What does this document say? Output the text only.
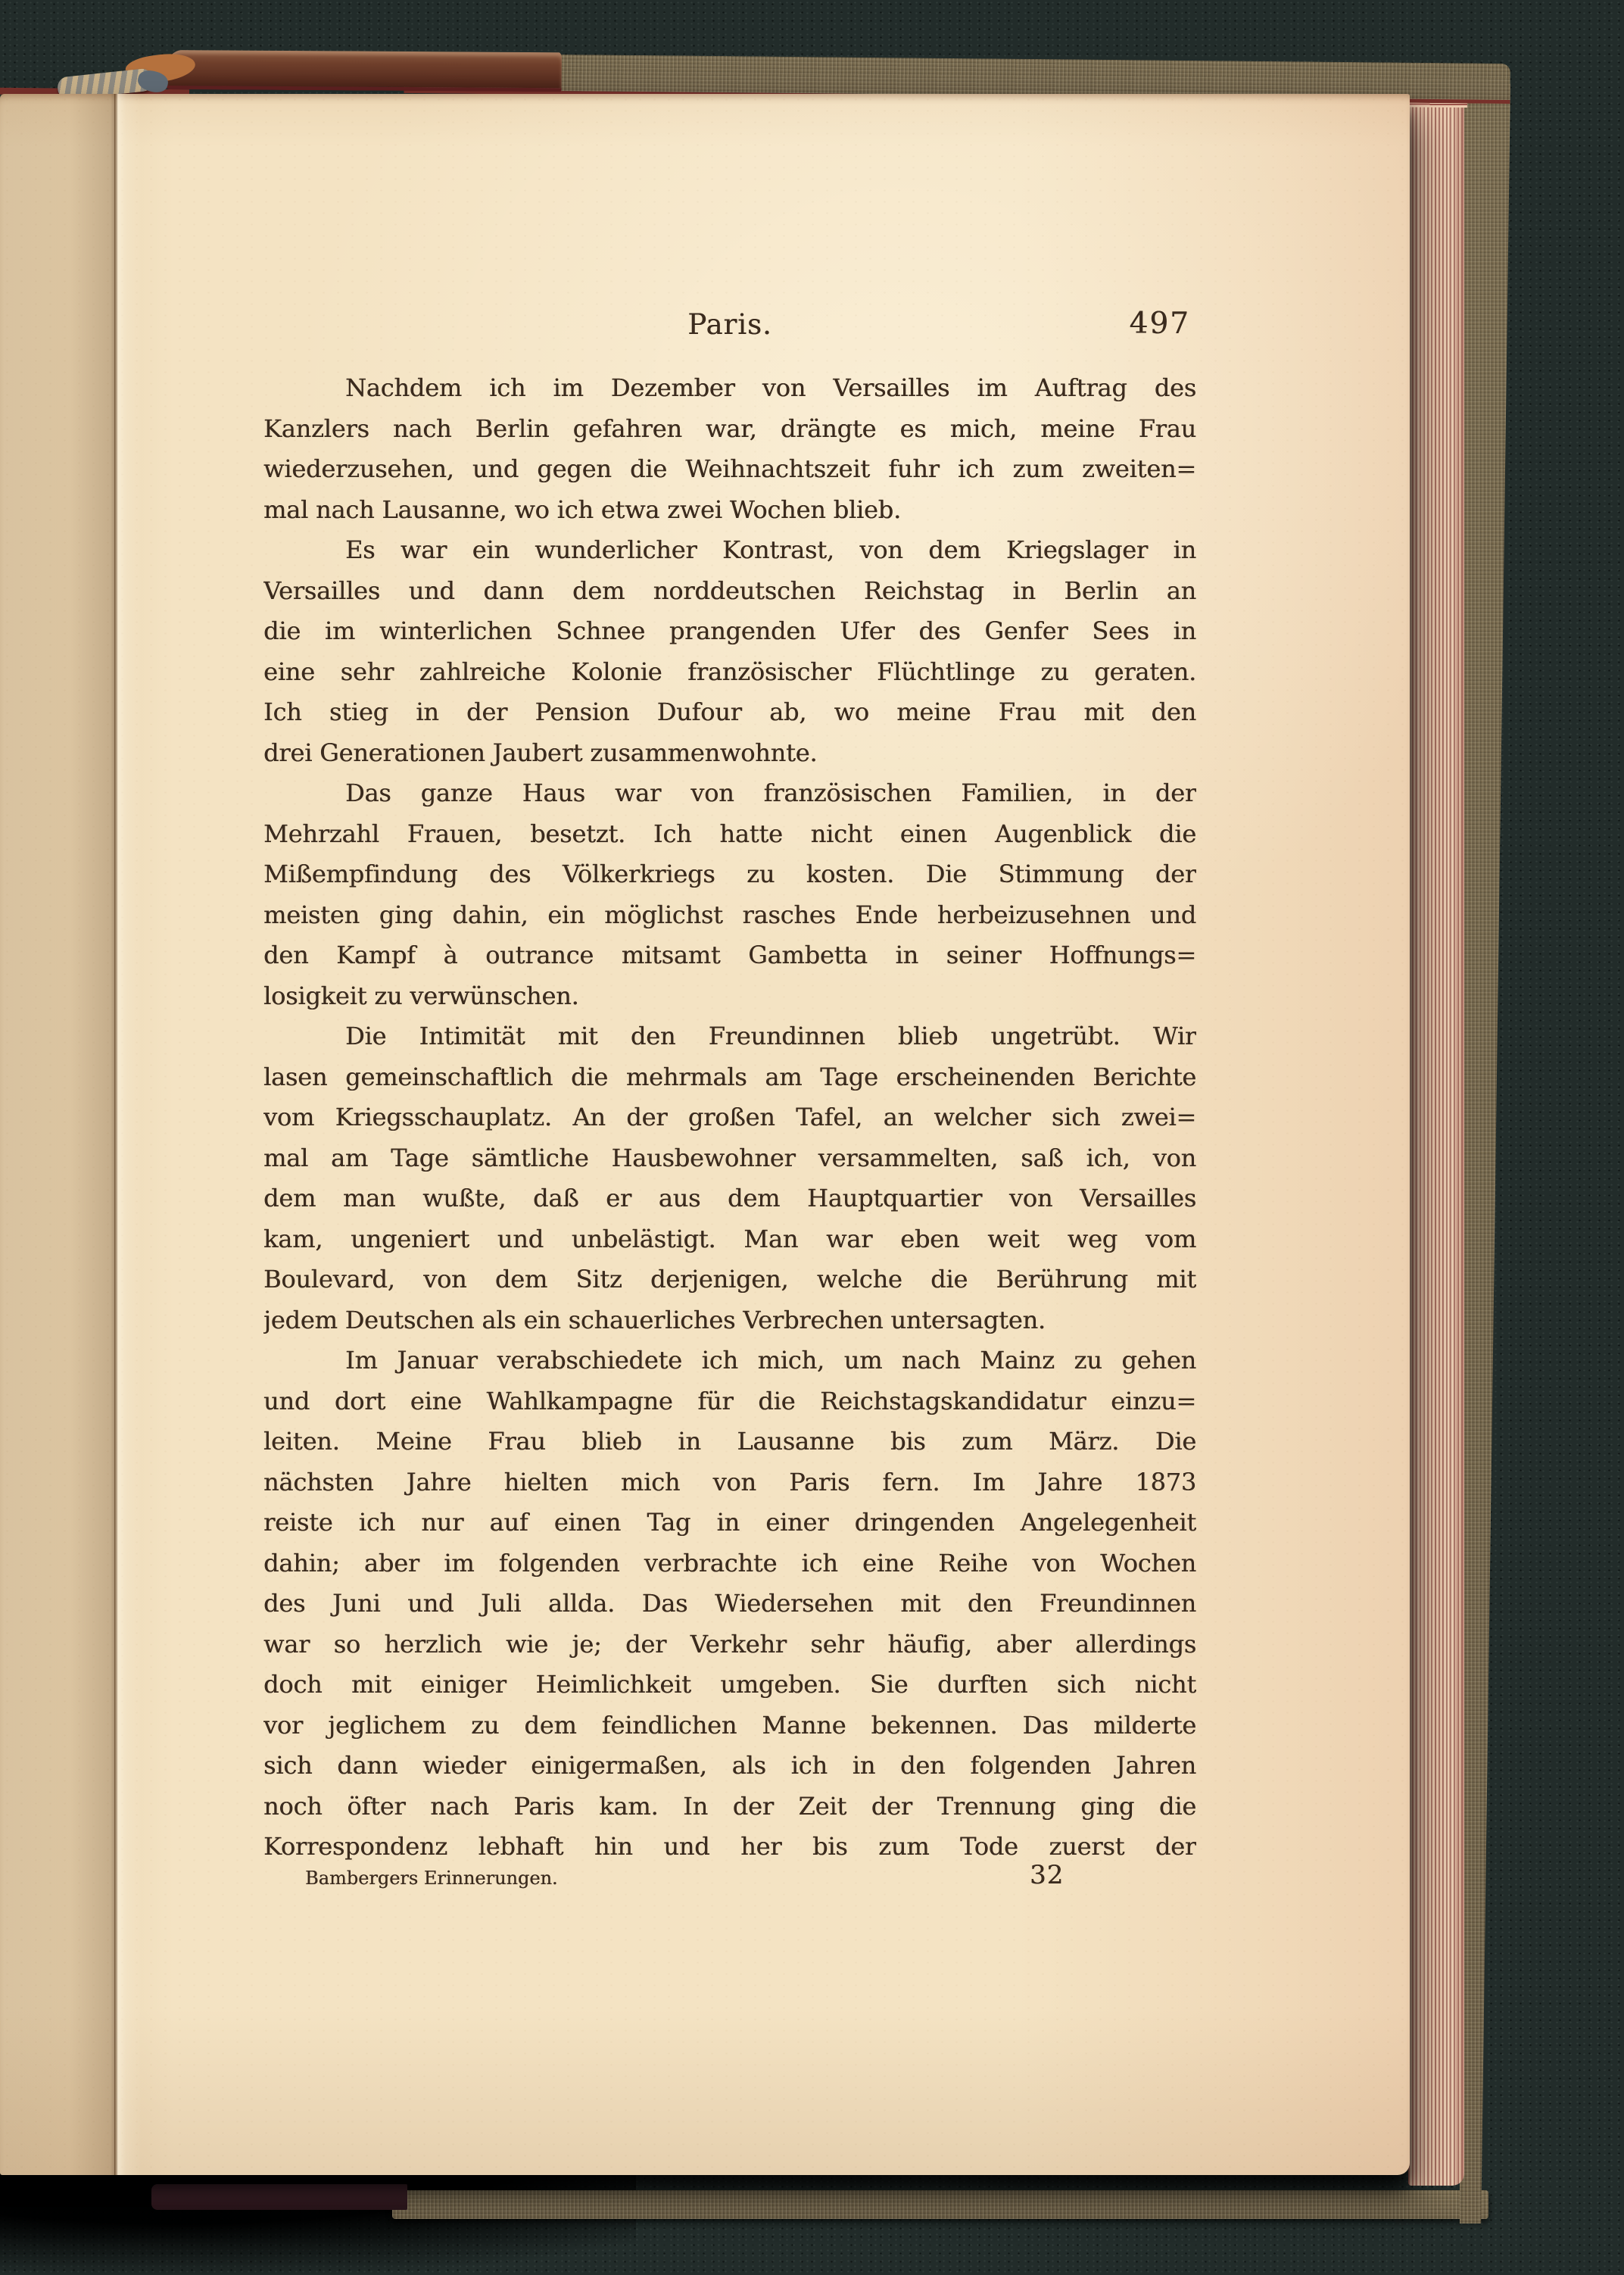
Paris.	497
Nachdem ich im Dezember von Versailles im Auftrag des
Kanzlers nach Berlin gefahren war, drängte es mich, meine Frau
wiederzusehen, und gegen die Weihnachtszeit fuhr ich zum zweiten=
mal nach Lausanne, wo ich etwa zwei Wochen blieb.
Es war ein wunderlicher Kontrast, von dem Kriegslager in
Versailles und dann dem norddeutschen Reichstag in Berlin an
die im winterlichen Schnee prangenden Ufer des Genfer Sees in
eine sehr zahlreiche Kolonie französischer Flüchtlinge zu geraten.
Ich stieg in der Pension Dufour ab, wo meine Frau mit den
drei Generationen Jaubert zusammenwohnte.
Das ganze Haus war von französischen Familien, in der
Mehrzahl Frauen, besetzt. Ich hatte nicht einen Augenblick die
Mißempfindung des Völkerkriegs zu kosten. Die Stimmung der
meisten ging dahin, ein möglichst rasches Ende herbeizusehnen und
den Kampf à outrance mitsamt Gambetta in seiner Hoffnungs=
losigkeit zu verwünschen.
Die Intimität mit den Freundinnen blieb ungetrübt. Wir
lasen gemeinschaftlich die mehrmals am Tage erscheinenden Berichte
vom Kriegsschauplatz. An der großen Tafel, an welcher sich zwei=
mal am Tage sämtliche Hausbewohner versammelten, saß ich, von
dem man wußte, daß er aus dem Hauptquartier von Versailles
kam, ungeniert und unbelästigt. Man war eben weit weg vom
Boulevard, von dem Sitz derjenigen, welche die Berührung mit
jedem Deutschen als ein schauerliches Verbrechen untersagten.
Im Januar verabschiedete ich mich, um nach Mainz zu gehen
und dort eine Wahlkampagne für die Reichstagskandidatur einzu=
leiten. Meine Frau blieb in Lausanne bis zum März. Die
nächsten Jahre hielten mich von Paris fern. Im Jahre 1873
reiste ich nur auf einen Tag in einer dringenden Angelegenheit
dahin; aber im folgenden verbrachte ich eine Reihe von Wochen
des Juni und Juli allda. Das Wiedersehen mit den Freundinnen
war so herzlich wie je; der Verkehr sehr häufig, aber allerdings
doch mit einiger Heimlichkeit umgeben. Sie durften sich nicht
vor jeglichem zu dem feindlichen Manne bekennen. Das milderte
sich dann wieder einigermaßen, als ich in den folgenden Jahren
noch öfter nach Paris kam. In der Zeit der Trennung ging die
Korrespondenz lebhaft hin und her bis zum Tode zuerst der
Bambergers Erinnerungen.	32
